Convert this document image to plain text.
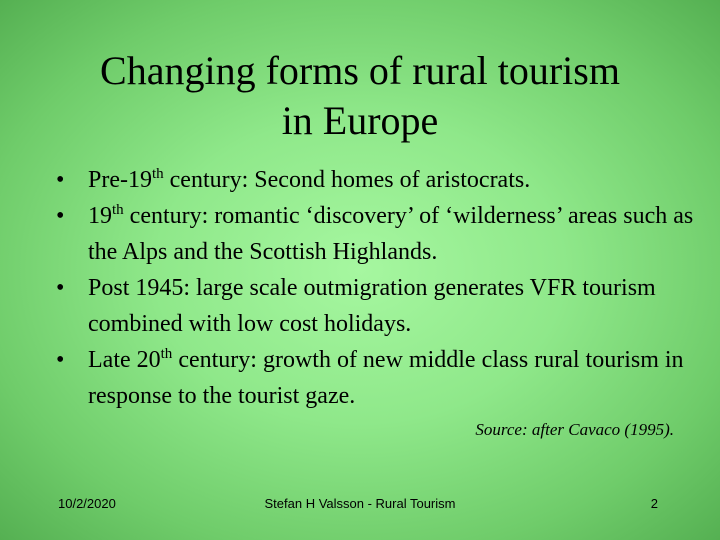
Changing forms of rural tourism
in Europe
• Pre-19th century: Second homes of aristocrats.
• 19th century: romantic ‘discovery’ of ‘wilderness’ areas such as the Alps and the Scottish Highlands.
• Post 1945: large scale outmigration generates VFR tourism combined with low cost holidays.
• Late 20th century: growth of new middle class rural tourism in response to the tourist gaze.
Source: after Cavaco (1995).
10/2/2020	Stefan H Valsson - Rural Tourism	2
